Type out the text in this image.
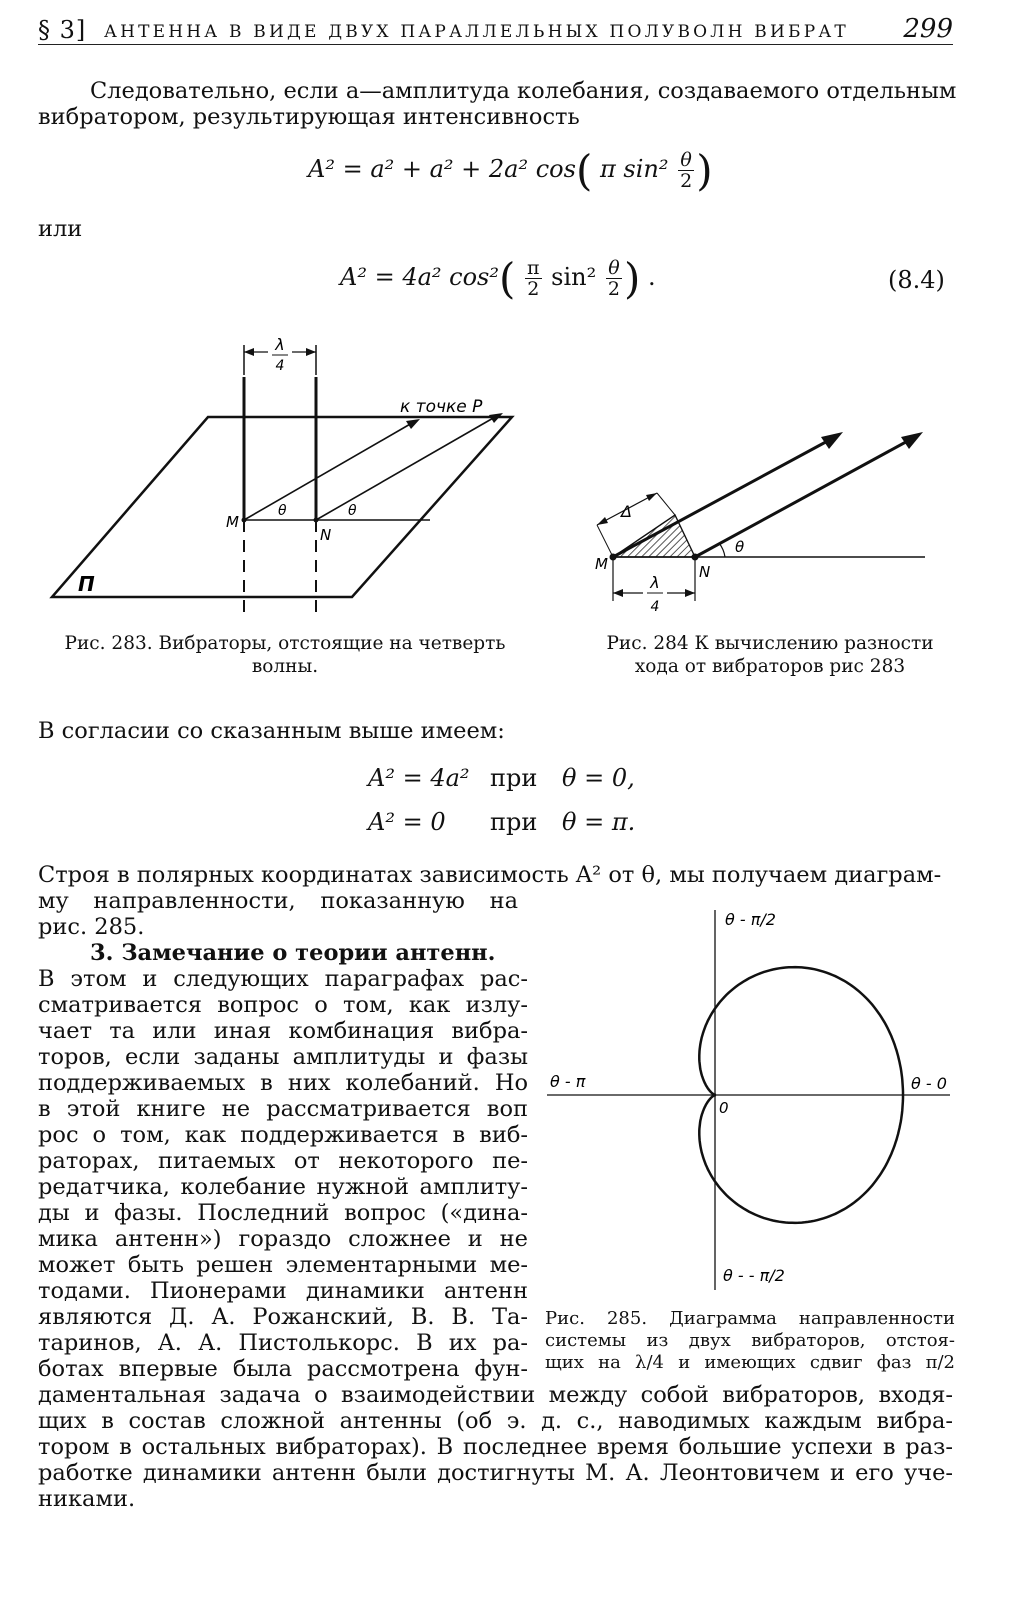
§ 3] АНТЕННА В ВИДЕ ДВУХ ПАРАЛЛЕЛЬНЫХ ПОЛУВОЛН ВИБРАТ 299

Следовательно, если a—амплитуда колебания, создаваемого отдельным

вибратором, результирующая интенсивность

A² = a² + a² + 2a² cos( π $\sin^2 \frac{\theta}{2}$ )

или

A² = 4a² $\cos^2( \frac{\pi}{2} \sin^2 \frac{\theta}{2}$ ) .	(8.4)
λ
4
к точке P
M
N
θ	θ
П
Рис. 283. Вибраторы, отстоящие на четверть
волны.
Δ
θ
M	N
λ
4
Рис. 284 К вычислению разности
хода от вибраторов рис 283

В согласии со сказанным выше имеем:

A² = 4a² при θ = 0,
A² = 0 при θ = π.

Строя в полярных координатах зависимость A² от θ, мы получаем диаграм-

му направленности, показанную на
рис. 285.
3. Замечание о теории антенн.
В этом и следующих параграфах рас-
сматривается вопрос о том, как излу-
чает та или иная комбинация вибра-
торов, если заданы амплитуды и фазы
поддерживаемых в них колебаний. Но
в этой книге не рассматривается воп
рос о том, как поддерживается в виб-
раторах, питаемых от некоторого пе-
редатчика, колебание нужной амплиту-
ды и фазы. Последний вопрос («дина-
мика антенн») гораздо сложнее и не
может быть решен элементарными ме-
тодами. Пионерами динамики антенн
являются Д. А. Рожанский, В. В. Та-
таринов, А. А. Пистолькорс. В их ра-
ботах впервые была рассмотрена фун-
θ - π/2
θ - - π/2
θ - π	θ - 0
0
Рис. 285. Диаграмма направленности
системы из двух вибраторов, отстоя-
щих на λ/4 и имеющих сдвиг фаз π/2
даментальная задача о взаимодействии между собой вибраторов, входя-
щих в состав сложной антенны (об э. д. с., наводимых каждым вибра-
тором в остальных вибраторах). В последнее время большие успехи в раз-
работке динамики антенн были достигнуты М. А. Леонтовичем и его уче-
никами.
